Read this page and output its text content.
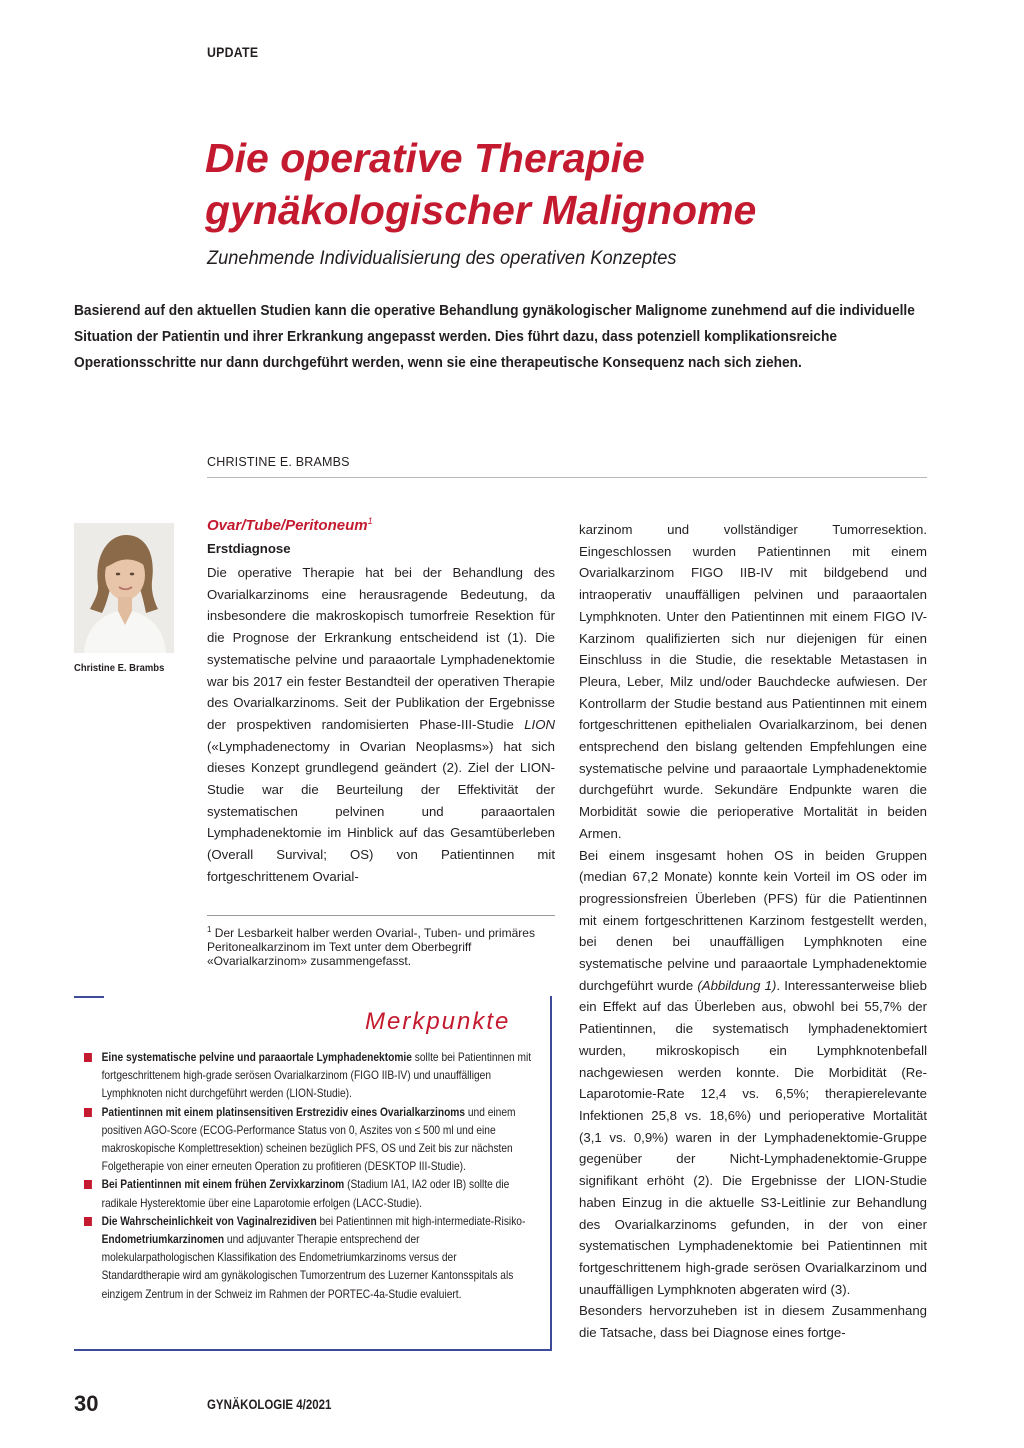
UPDATE
Die operative Therapie
gynäkologischer Malignome
Zunehmende Individualisierung des operativen Konzeptes

Basierend auf den aktuellen Studien kann die operative Behandlung gynäkologischer Malignome zunehmend auf die individuelle Situation der Patientin und ihrer Erkrankung angepasst werden. Dies führt dazu, dass potenziell komplikationsreiche Operationsschritte nur dann durchgeführt werden, wenn sie eine therapeutische Konsequenz nach sich ziehen.

CHRISTINE E. BRAMBS
Christine E. Brambs
Ovar/Tube/Peritoneum$^1$
Erstdiagnose

Die operative Therapie hat bei der Behandlung des Ovarialkarzinoms eine herausragende Bedeutung, da insbesondere die makroskopisch tumorfreie Resektion für die Prognose der Erkrankung entscheidend ist (1). Die systematische pelvine und paraaortale Lymphadenektomie war bis 2017 ein fester Bestandteil der operativen Therapie des Ovarialkarzinoms. Seit der Publikation der Ergebnisse der prospektiven randomisierten Phase-III-Studie LION («Lymphadenectomy in Ovarian Neoplasms») hat sich dieses Konzept grundlegend geändert (2). Ziel der LION-Studie war die Beurteilung der Effektivität der systematischen pelvinen und paraaortalen Lymphadenektomie im Hinblick auf das Gesamtüberleben (Overall Survival; OS) von Patientinnen mit fortgeschrittenem Ovarial-

$^1$ Der Lesbarkeit halber werden Ovarial-, Tuben- und primäres Peritonealkarzinom im Text unter dem Oberbegriff «Ovarialkarzinom» zusammengefasst.

karzinom und vollständiger Tumorresektion. Eingeschlossen wurden Patientinnen mit einem Ovarialkarzinom FIGO IIB-IV mit bildgebend und intraoperativ unauffälligen pelvinen und paraaortalen Lymphknoten. Unter den Patientinnen mit einem FIGO IV-Karzinom qualifizierten sich nur diejenigen für einen Einschluss in die Studie, die resektable Metastasen in Pleura, Leber, Milz und/oder Bauchdecke aufwiesen. Der Kontrollarm der Studie bestand aus Patientinnen mit einem fortgeschrittenen epithelialen Ovarialkarzinom, bei denen entsprechend den bislang geltenden Empfehlungen eine systematische pelvine und paraaortale Lymphadenektomie durchgeführt wurde. Sekundäre Endpunkte waren die Morbidität sowie die perioperative Mortalität in beiden Armen.

Bei einem insgesamt hohen OS in beiden Gruppen (median 67,2 Monate) konnte kein Vorteil im OS oder im progressionsfreien Überleben (PFS) für die Patientinnen mit einem fortgeschrittenen Karzinom festgestellt werden, bei denen bei unauffälligen Lymphknoten eine systematische pelvine und paraaortale Lymphadenektomie durchgeführt wurde (Abbildung 1). Interessanterweise blieb ein Effekt auf das Überleben aus, obwohl bei 55,7% der Patientinnen, die systematisch lymphadenektomiert wurden, mikroskopisch ein Lymphknotenbefall nachgewiesen werden konnte. Die Morbidität (Re-Laparotomie-Rate 12,4 vs. 6,5%; therapierelevante Infektionen 25,8 vs. 18,6%) und perioperative Mortalität (3,1 vs. 0,9%) waren in der Lymphadenektomie-Gruppe gegenüber der Nicht-Lymphadenektomie-Gruppe signifikant erhöht (2). Die Ergebnisse der LION-Studie haben Einzug in die aktuelle S3-Leitlinie zur Behandlung des Ovarialkarzinoms gefunden, in der von einer systematischen Lymphadenektomie bei Patientinnen mit fortgeschrittenem high-grade serösen Ovarialkarzinom und unauffälligen Lymphknoten abgeraten wird (3).

Besonders hervorzuheben ist in diesem Zusammenhang die Tatsache, dass bei Diagnose eines fortge-

Merkpunkte
Eine systematische pelvine und paraaortale Lymphadenektomie sollte bei Patientinnen mit fortgeschrittenem high-grade serösen Ovarialkarzinom (FIGO IIB-IV) und unauffälligen Lymphknoten nicht durchgeführt werden (LION-Studie).
Patientinnen mit einem platinsensitiven Erstrezidiv eines Ovarialkarzinoms und einem positiven AGO-Score (ECOG-Performance Status von 0, Aszites von ≤ 500 ml und eine makroskopische Komplettresektion) scheinen bezüglich PFS, OS und Zeit bis zur nächsten Folgetherapie von einer erneuten Operation zu profitieren (DESKTOP III-Studie).
Bei Patientinnen mit einem frühen Zervixkarzinom (Stadium IA1, IA2 oder IB) sollte die radikale Hysterektomie über eine Laparotomie erfolgen (LACC-Studie).
Die Wahrscheinlichkeit von Vaginalrezidiven bei Patientinnen mit high-intermediate-Risiko-Endometriumkarzinomen und adjuvanter Therapie entsprechend der molekularpathologischen Klassifikation des Endometriumkarzinoms versus der Standardtherapie wird am gynäkologischen Tumorzentrum des Luzerner Kantonsspitals als einzigem Zentrum in der Schweiz im Rahmen der PORTEC-4a-Studie evaluiert.
30	GYNÄKOLOGIE 4/2021
